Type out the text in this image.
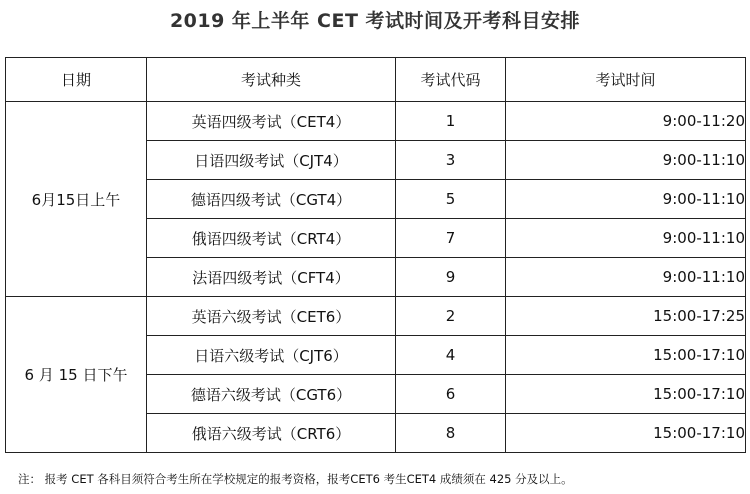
2019 年上半年 CET 考试时间及开考科目安排
日期	考试种类	考试代码	考试时间
6月15日上午	英语四级考试（CET4）	1	9:00-11:20
	日语四级考试（CJT4）	3	9:00-11:10
	德语四级考试（CGT4）	5	9:00-11:10
	俄语四级考试（CRT4）	7	9:00-11:10
	法语四级考试（CFT4）	9	9:00-11:10
6 月 15 日下午	英语六级考试（CET6）	2	15:00-17:25
	日语六级考试（CJT6）	4	15:00-17:10
	德语六级考试（CGT6）	6	15:00-17:10
	俄语六级考试（CRT6）	8	15:00-17:10
注： 报考 CET 各科目须符合考生所在学校规定的报考资格，报考CET6 考生CET4 成绩须在 425 分及以上。
